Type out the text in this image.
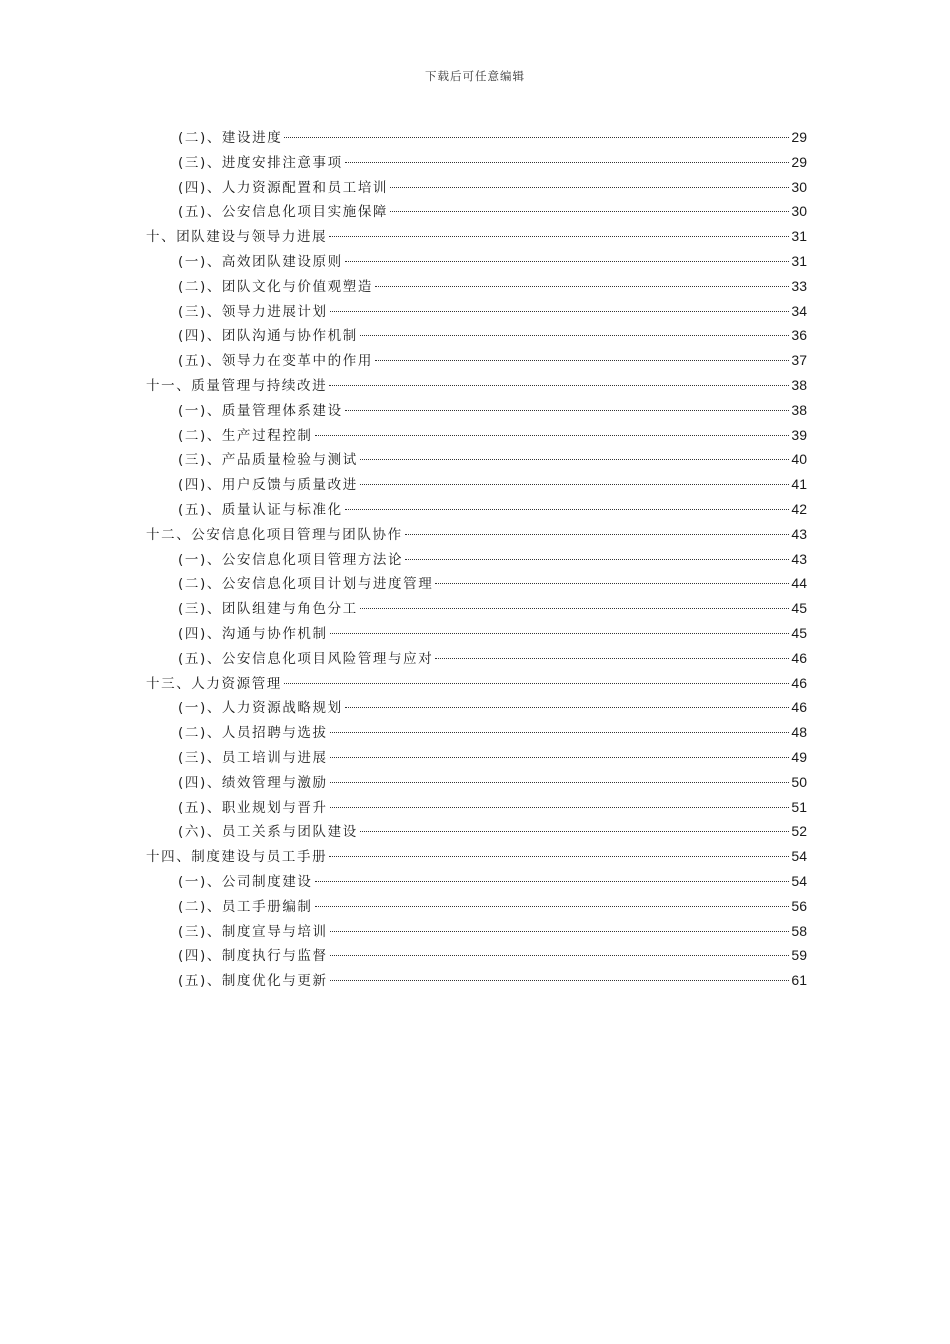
下载后可任意编辑
(二)、建设进度	29
(三)、进度安排注意事项	29
(四)、人力资源配置和员工培训	30
(五)、公安信息化项目实施保障	30
十、团队建设与领导力进展	31
(一)、高效团队建设原则	31
(二)、团队文化与价值观塑造	33
(三)、领导力进展计划	34
(四)、团队沟通与协作机制	36
(五)、领导力在变革中的作用	37
十一、质量管理与持续改进	38
(一)、质量管理体系建设	38
(二)、生产过程控制	39
(三)、产品质量检验与测试	40
(四)、用户反馈与质量改进	41
(五)、质量认证与标准化	42
十二、公安信息化项目管理与团队协作	43
(一)、公安信息化项目管理方法论	43
(二)、公安信息化项目计划与进度管理	44
(三)、团队组建与角色分工	45
(四)、沟通与协作机制	45
(五)、公安信息化项目风险管理与应对	46
十三、人力资源管理	46
(一)、人力资源战略规划	46
(二)、人员招聘与选拔	48
(三)、员工培训与进展	49
(四)、绩效管理与激励	50
(五)、职业规划与晋升	51
(六)、员工关系与团队建设	52
十四、制度建设与员工手册	54
(一)、公司制度建设	54
(二)、员工手册编制	56
(三)、制度宣导与培训	58
(四)、制度执行与监督	59
(五)、制度优化与更新	61
